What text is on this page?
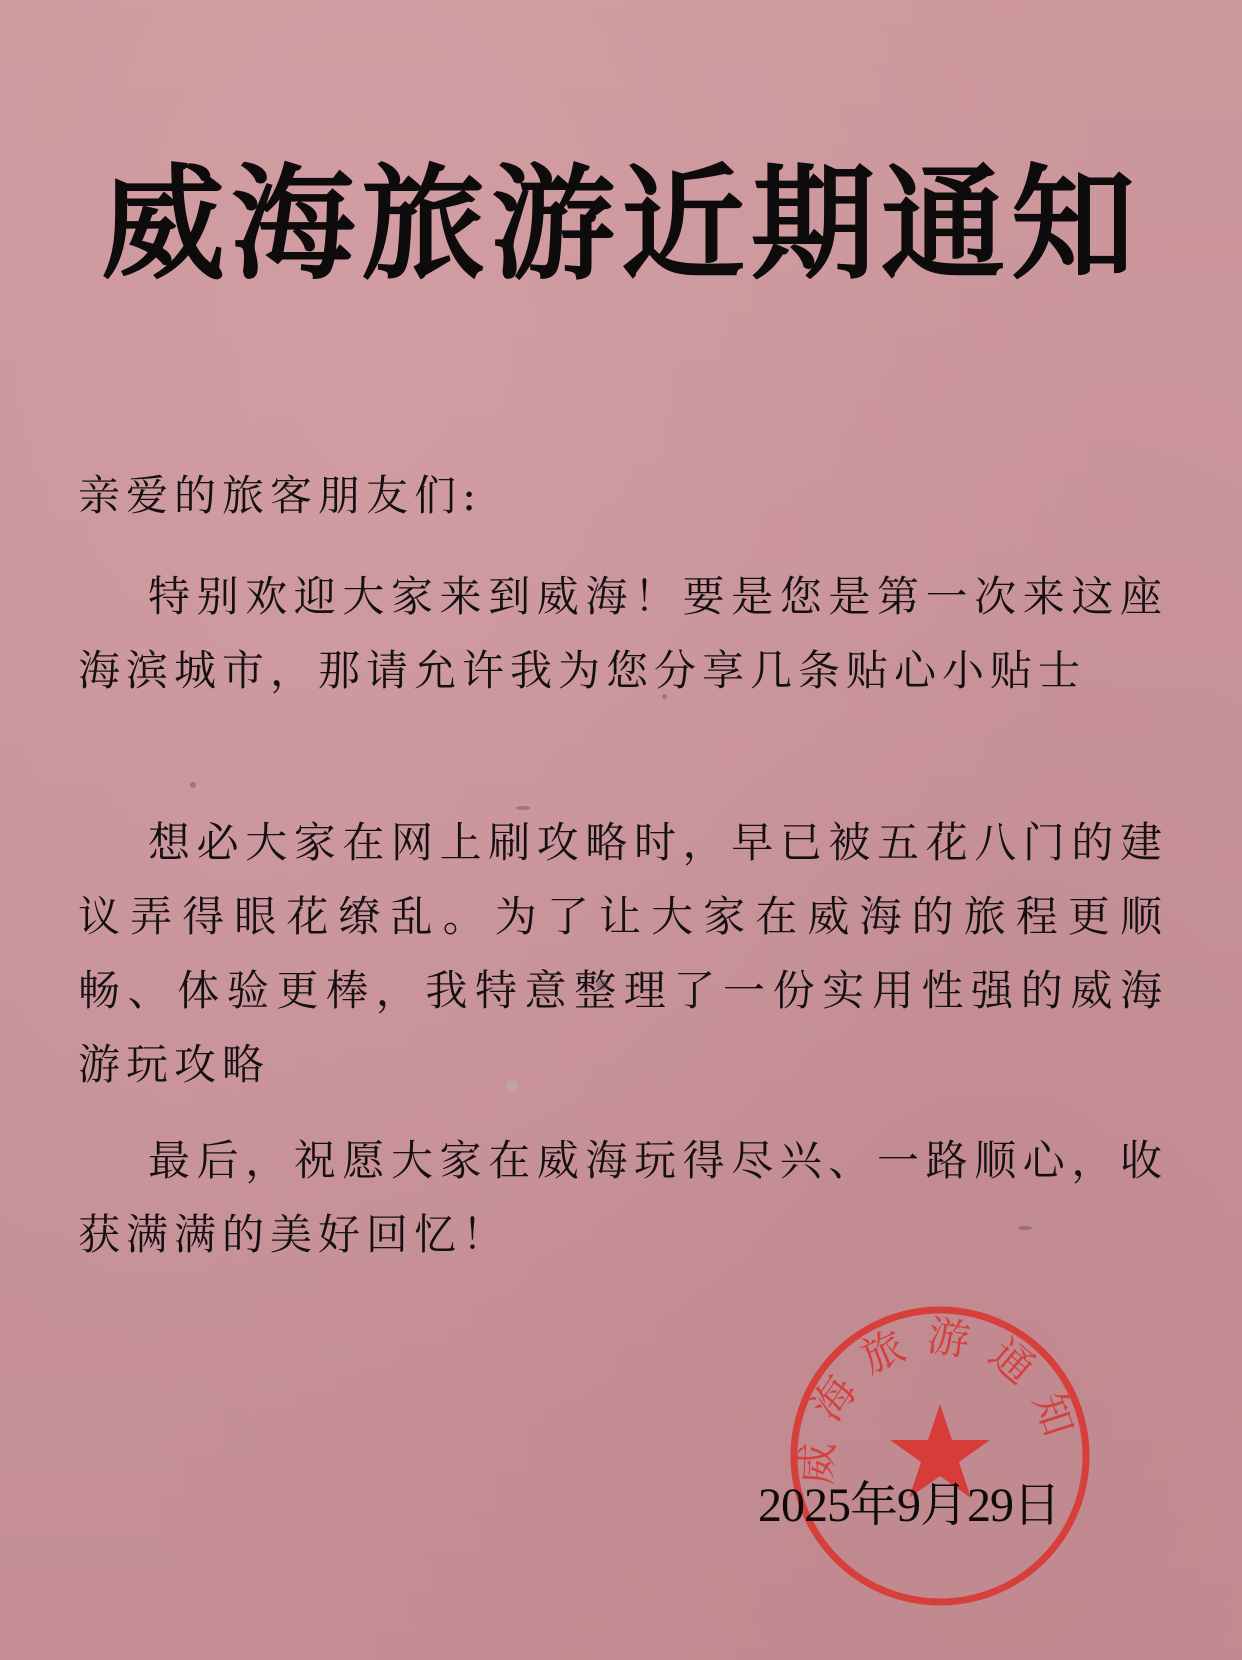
威海旅游近期通知
亲爱的旅客朋友们:
特别欢迎大家来到威海！要是您是第一次来这座海滨城市，那请允许我为您分享几条贴心小贴士
想必大家在网上刷攻略时，早已被五花八门的建议弄得眼花缭乱。为了让大家在威海的旅程更顺畅、体验更棒，我特意整理了一份实用性强的威海游玩攻略
最后，祝愿大家在威海玩得尽兴、一路顺心，收获满满的美好回忆！
威海旅游通知
2025年9月29日
